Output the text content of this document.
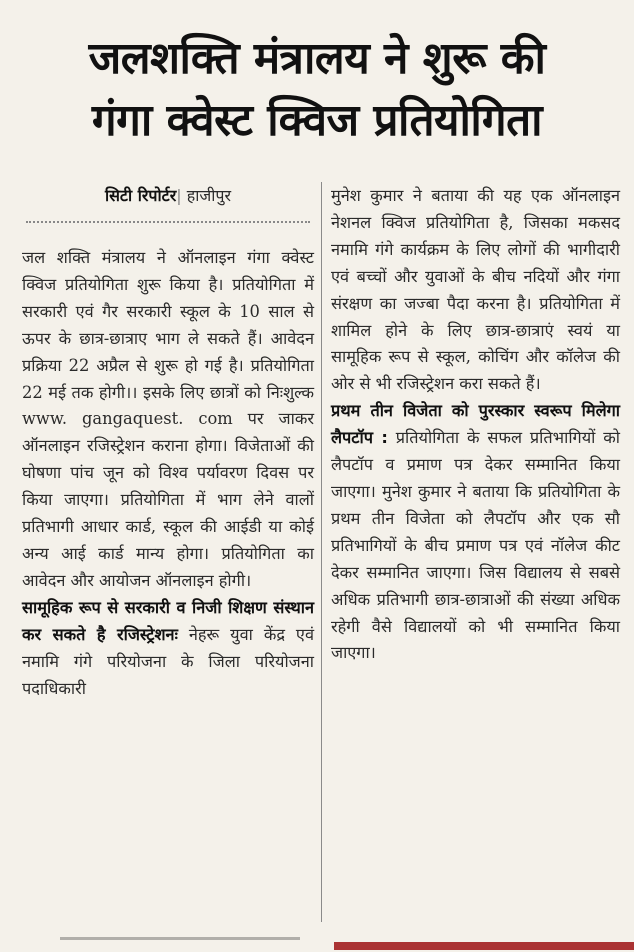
जलशक्ति मंत्रालय ने शुरू की
गंगा क्वेस्ट क्विज प्रतियोगिता
सिटी रिपोर्टर| हाजीपुर

जल शक्ति मंत्रालय ने ऑनलाइन गंगा क्वेस्ट क्विज प्रतियोगिता शुरू किया है। प्रतियोगिता में सरकारी एवं गैर सरकारी स्कूल के 10 साल से ऊपर के छात्र-छात्राए भाग ले सकते हैं। आवेदन प्रक्रिया 22 अप्रैल से शुरू हो गई है। प्रतियोगिता 22 मई तक होगी।। इसके लिए छात्रों को निःशुल्क www. gangaquest. com पर जाकर ऑनलाइन रजिस्ट्रेशन कराना होगा। विजेताओं की घोषणा पांच जून को विश्व पर्यावरण दिवस पर किया जाएगा। प्रतियोगिता में भाग लेने वालों प्रतिभागी आधार कार्ड, स्कूल की आईडी या कोई अन्य आई कार्ड मान्य होगा। प्रतियोगिता का आवेदन और आयोजन ऑनलाइन होगी।

सामूहिक रूप से सरकारी व निजी शिक्षण संस्थान कर सकते है रजिस्ट्रेशनः नेहरू युवा केंद्र एवं नमामि गंगे परियोजना के जिला परियोजना पदाधिकारी

मुनेश कुमार ने बताया की यह एक ऑनलाइन नेशनल क्विज प्रतियोगिता है, जिसका मकसद नमामि गंगे कार्यक्रम के लिए लोगों की भागीदारी एवं बच्चों और युवाओं के बीच नदियों और गंगा संरक्षण का जज्बा पैदा करना है। प्रतियोगिता में शामिल होने के लिए छात्र-छात्राएं स्वयं या सामूहिक रूप से स्कूल, कोचिंग और कॉलेज की ओर से भी रजिस्ट्रेशन करा सकते हैं।

प्रथम तीन विजेता को पुरस्कार स्वरूप मिलेगा लैपटॉप : प्रतियोगिता के सफल प्रतिभागियों को लैपटॉप व प्रमाण पत्र देकर सम्मानित किया जाएगा। मुनेश कुमार ने बताया कि प्रतियोगिता के प्रथम तीन विजेता को लैपटॉप और एक सौ प्रतिभागियों के बीच प्रमाण पत्र एवं नॉलेज कीट देकर सम्मानित जाएगा। जिस विद्यालय से सबसे अधिक प्रतिभागी छात्र-छात्राओं की संख्या अधिक रहेगी वैसे विद्यालयों को भी सम्मानित किया जाएगा।
